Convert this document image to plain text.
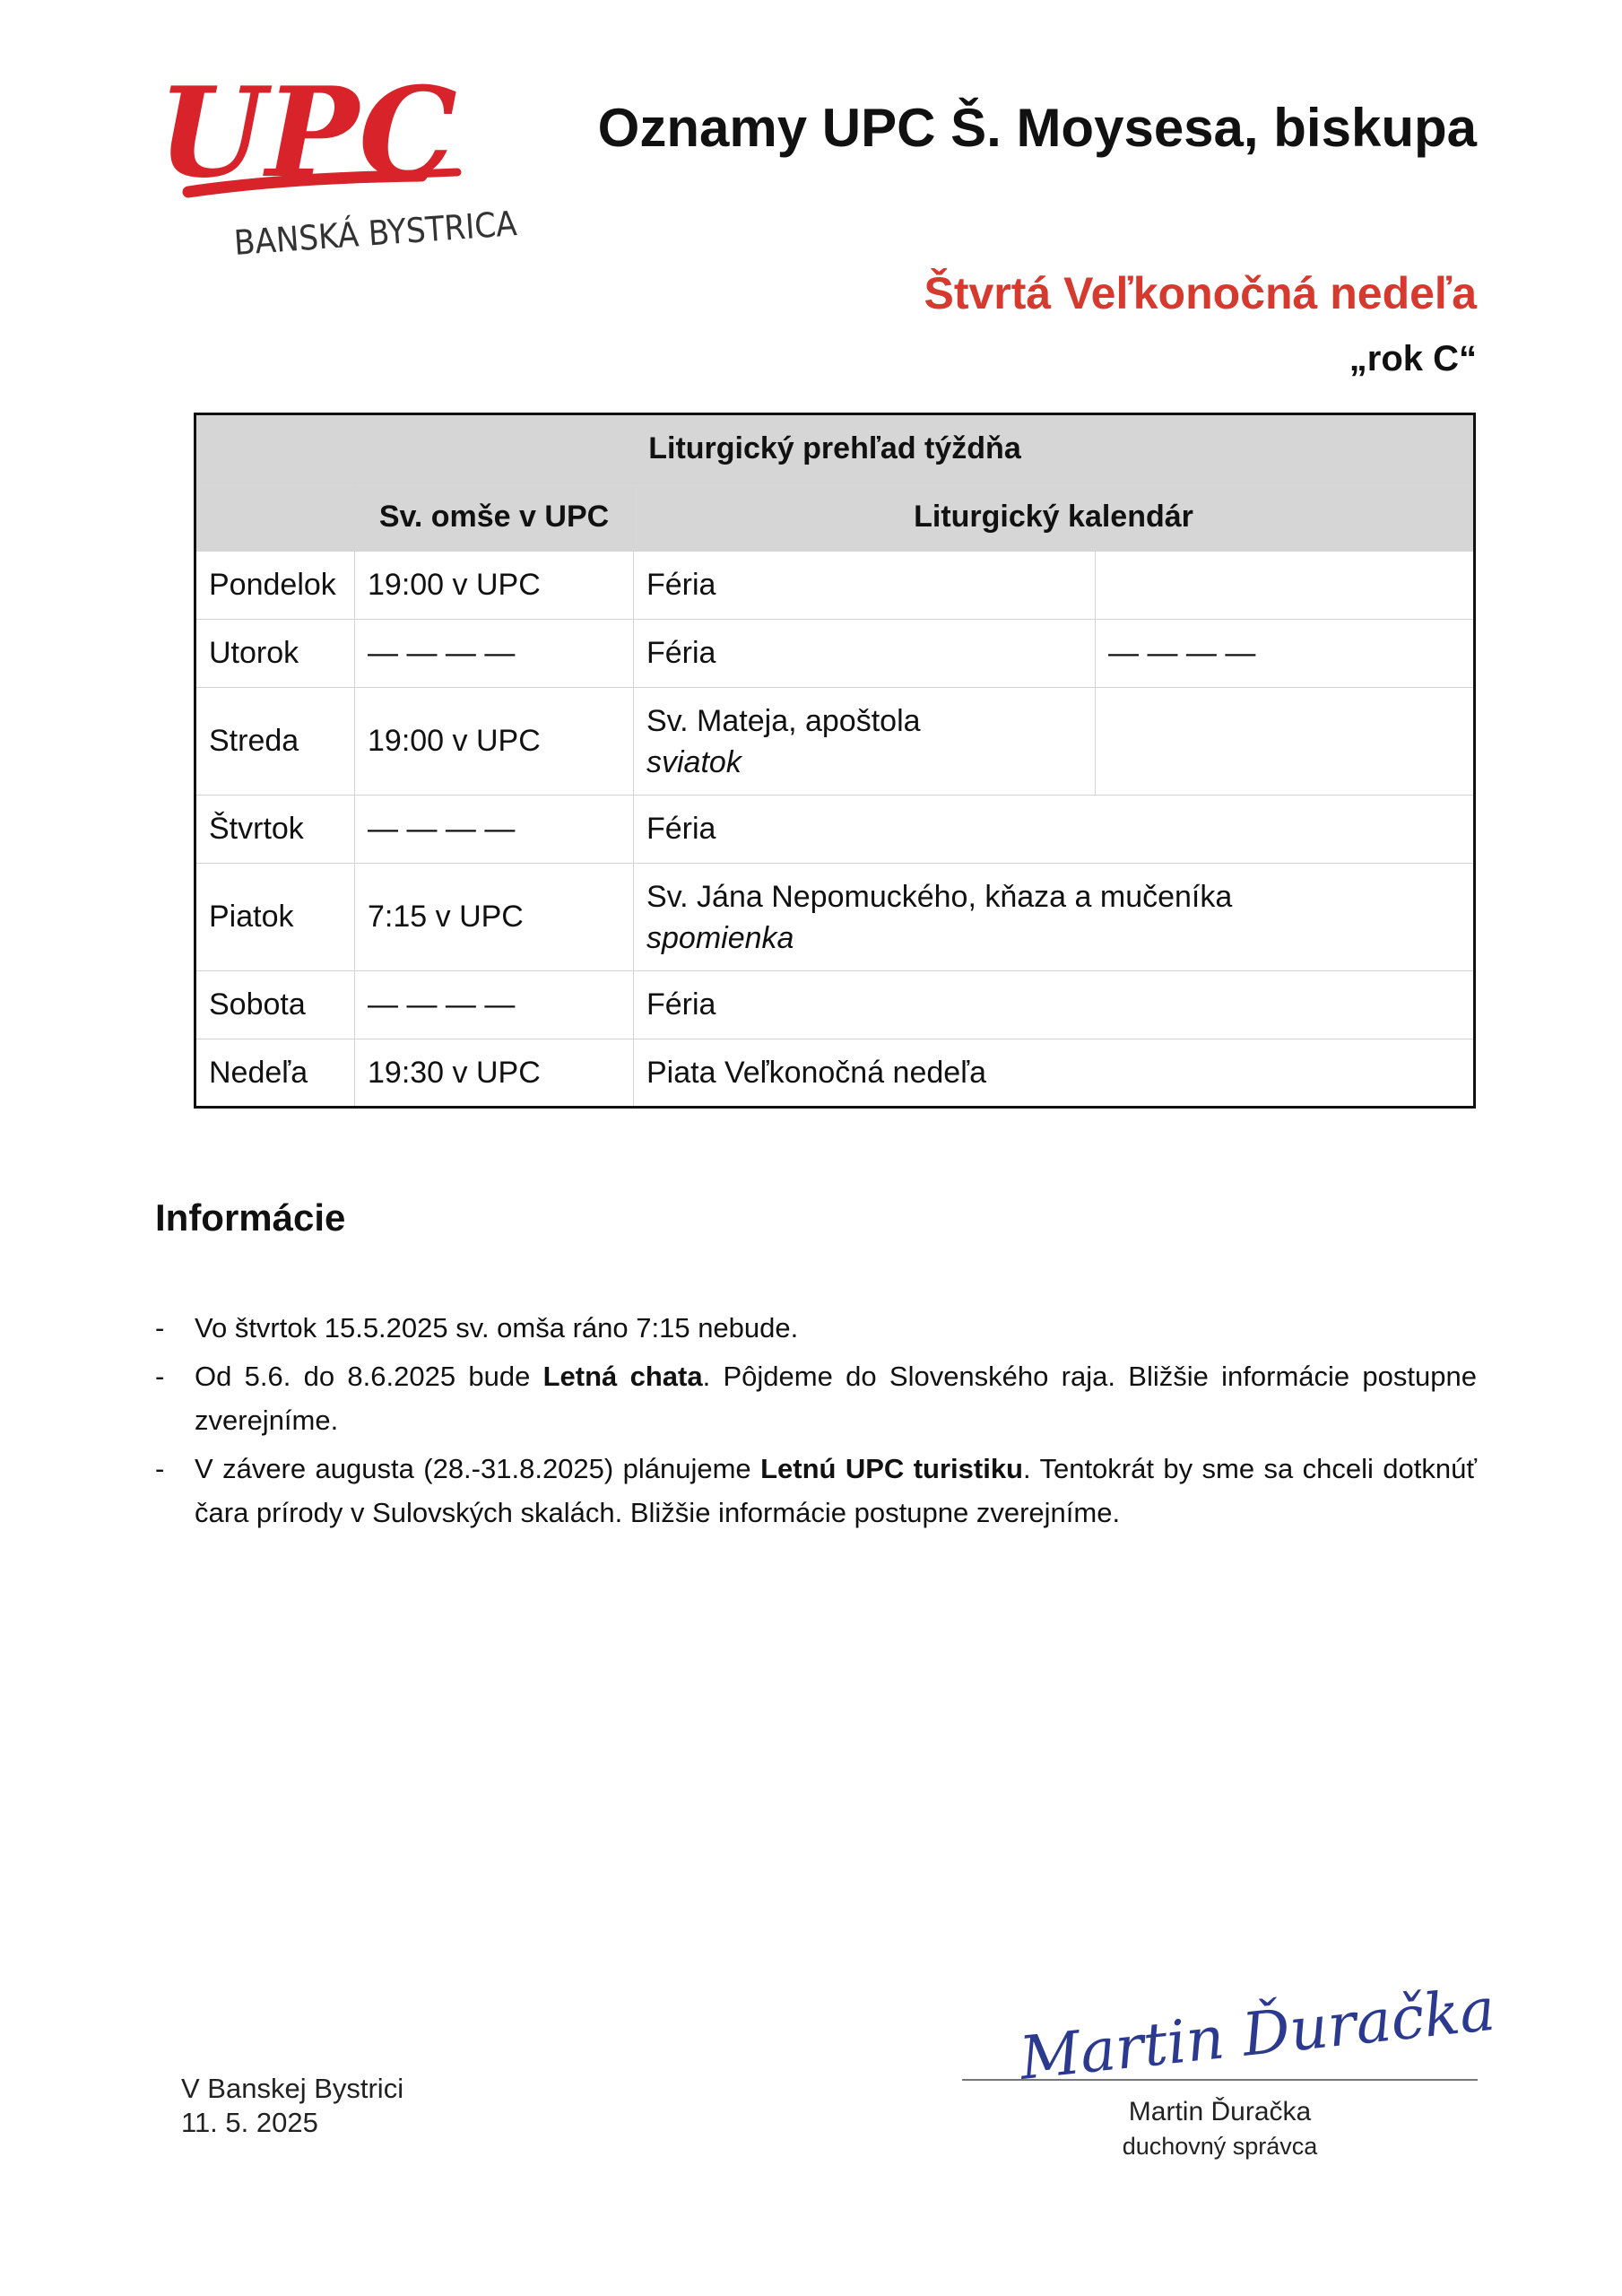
UPC
BANSKÁ BYSTRICA
Oznamy UPC Š. Moysesa, biskupa
Štvrtá Veľkonočná nedeľa
„rok C“
Liturgický prehľad týždňa			
	Sv. omše v UPC	Liturgický kalendár	
Pondelok	19:00 v UPC	Féria	
Utorok	— — — —	Féria	— — — —
Streda	19:00 v UPC	Sv. Mateja, apoštola
sviatok	

Štvrtok	— — — —	Féria	
Piatok	7:15 v UPC	Sv. Jána Nepomuckého, kňaza a mučeníka
spomienka	

Sobota	— — — —	Féria	
Nedeľa	19:30 v UPC	Piata Veľkonočná nedeľa	
Informácie
- Vo štvrtok 15.5.2025 sv. omša ráno 7:15 nebude.
- Od 5.6. do 8.6.2025 bude Letná chata. Pôjdeme do Slovenského raja. Bližšie informácie postupne zverejníme.
- V závere augusta (28.-31.8.2025) plánujeme Letnú UPC turistiku. Tentokrát by sme sa chceli dotknúť čara prírody v Sulovských skalách. Bližšie informácie postupne zverejníme.
V Banskej Bystrici
11. 5. 2025
Martin Ďuračka
Martin Ďuračka
duchovný správca
